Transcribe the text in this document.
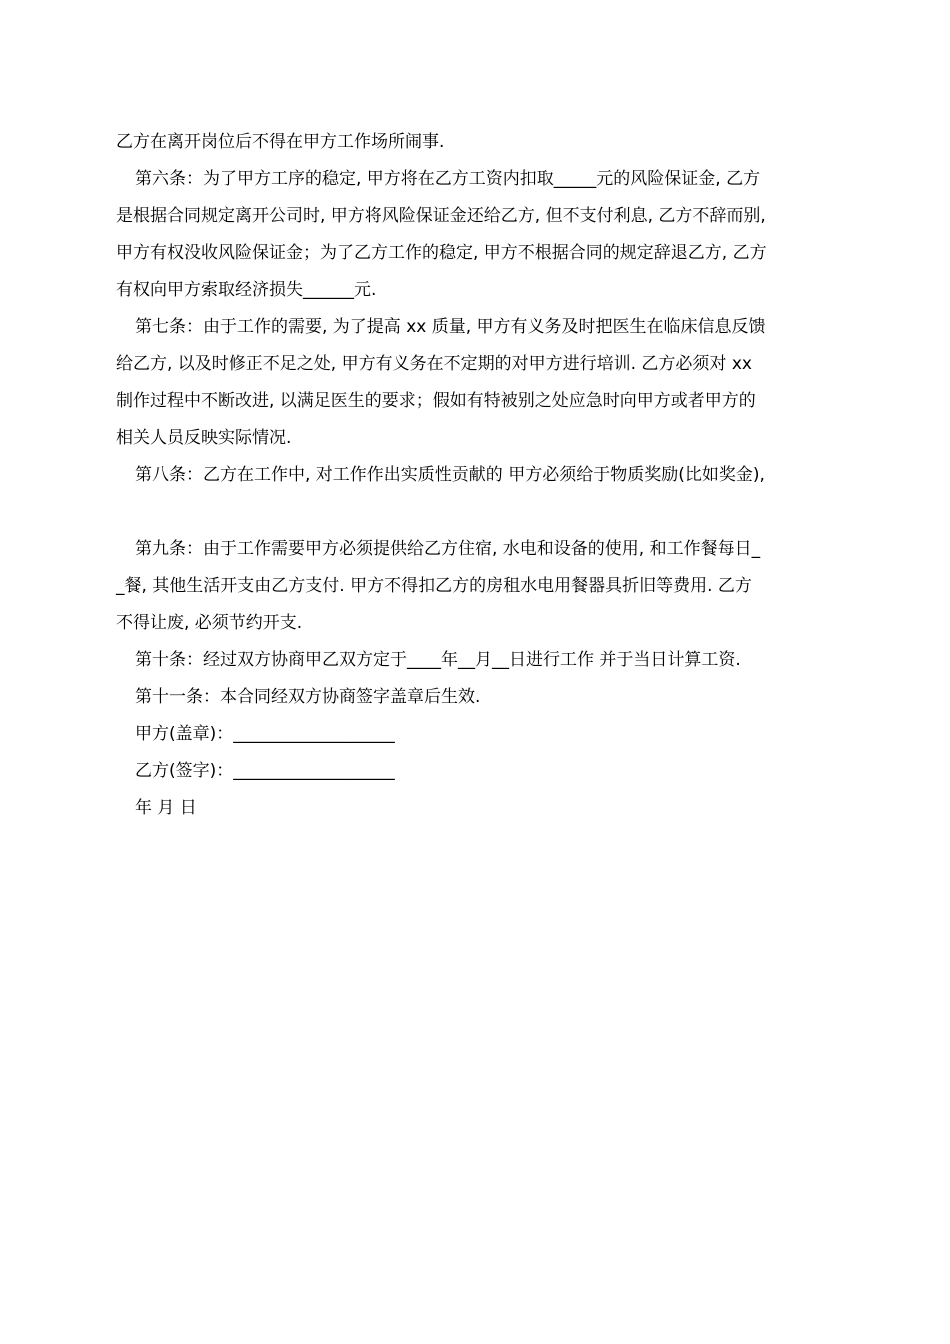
乙方在离开岗位后不得在甲方工作场所闹事.
第六条：为了甲方工序的稳定, 甲方将在乙方工资内扣取_____元的风险保证金, 乙方
是根据合同规定离开公司时, 甲方将风险保证金还给乙方, 但不支付利息, 乙方不辞而别,
甲方有权没收风险保证金；为了乙方工作的稳定, 甲方不根据合同的规定辞退乙方, 乙方
有权向甲方索取经济损失______元.
第七条：由于工作的需要, 为了提高 xx 质量, 甲方有义务及时把医生在临床信息反馈
给乙方, 以及时修正不足之处, 甲方有义务在不定期的对甲方进行培训. 乙方必须对 xx
制作过程中不断改进, 以满足医生的要求；假如有特被别之处应急时向甲方或者甲方的
相关人员反映实际情况.
第八条：乙方在工作中, 对工作作出实质性贡献的 甲方必须给于物质奖励(比如奖金),
第九条：由于工作需要甲方必须提供给乙方住宿, 水电和设备的使用, 和工作餐每日_
_餐, 其他生活开支由乙方支付. 甲方不得扣乙方的房租水电用餐器具折旧等费用. 乙方
不得让废, 必须节约开支.
第十条：经过双方协商甲乙双方定于____年__月__日进行工作 并于当日计算工资.
第十一条：本合同经双方协商签字盖章后生效.
甲方(盖章)：___________________
乙方(签字)：___________________
年 月 日
